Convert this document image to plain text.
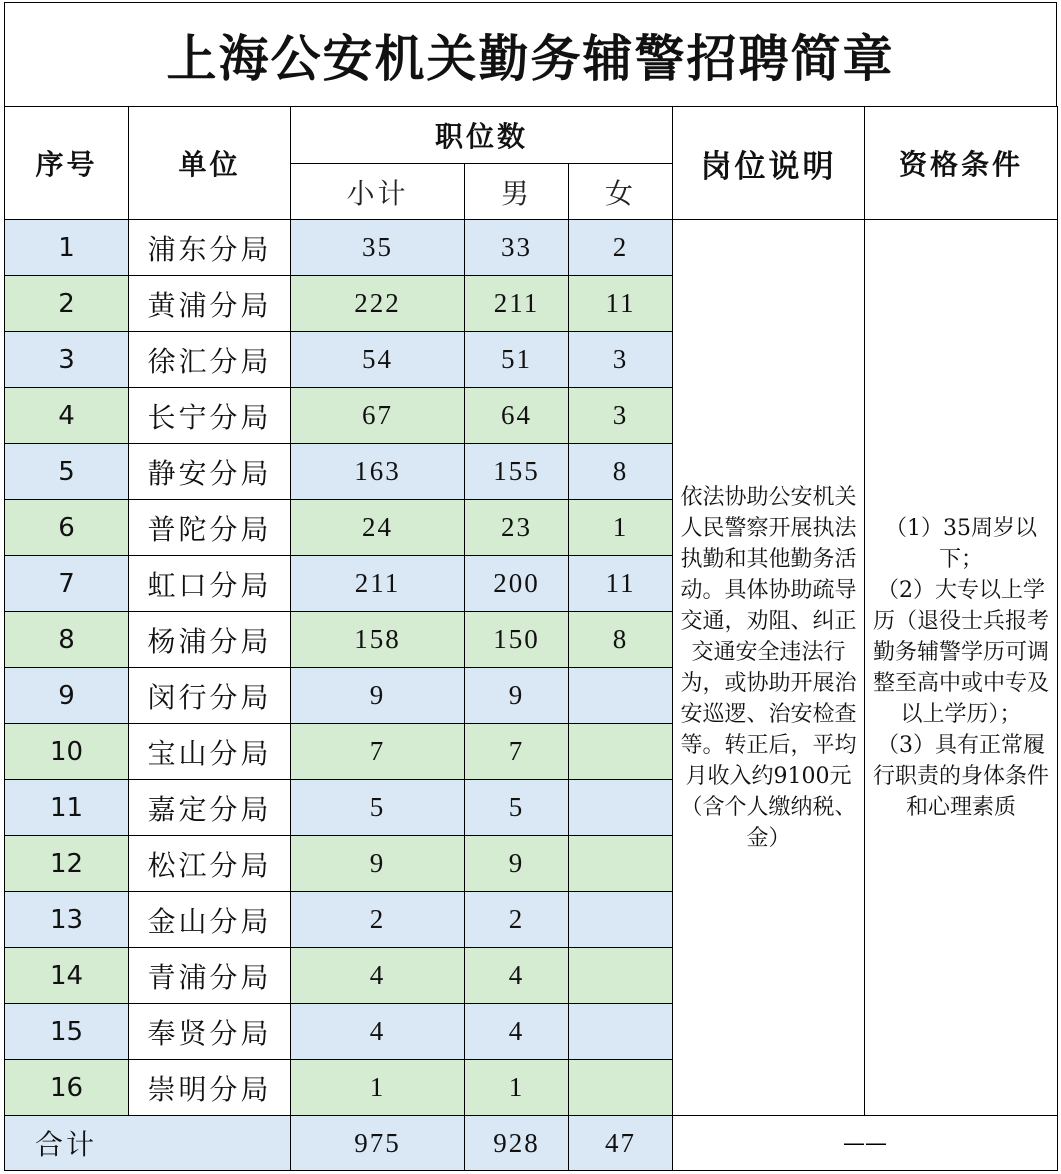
上海公安机关勤务辅警招聘简章
序号	单位	职位数			岗位说明	资格条件
		小计	男	女		
1	浦东分局	35	33	2	依法协助公安机关人民警察开展执法执勤和其他勤务活动。具体协助疏导交通，劝阻、纠正交通安全违法行为，或协助开展治安巡逻、治安检查等。转正后，平均月收入约9100元（含个人缴纳税、金）	（1）35周岁以下；

（2）大专以上学历（退役士兵报考勤务辅警学历可调整至高中或中专及以上学历）；

（3）具有正常履行职责的身体条件和心理素质

2	黄浦分局	222	211	11		
3	徐汇分局	54	51	3		
4	长宁分局	67	64	3		
5	静安分局	163	155	8		
6	普陀分局	24	23	1		
7	虹口分局	211	200	11		
8	杨浦分局	158	150	8		
9	闵行分局	9	9			
10	宝山分局	7	7			
11	嘉定分局	5	5			
12	松江分局	9	9			
13	金山分局	2	2			
14	青浦分局	4	4			
15	奉贤分局	4	4			
16	崇明分局	1	1			
合计		975	928	47	——	
